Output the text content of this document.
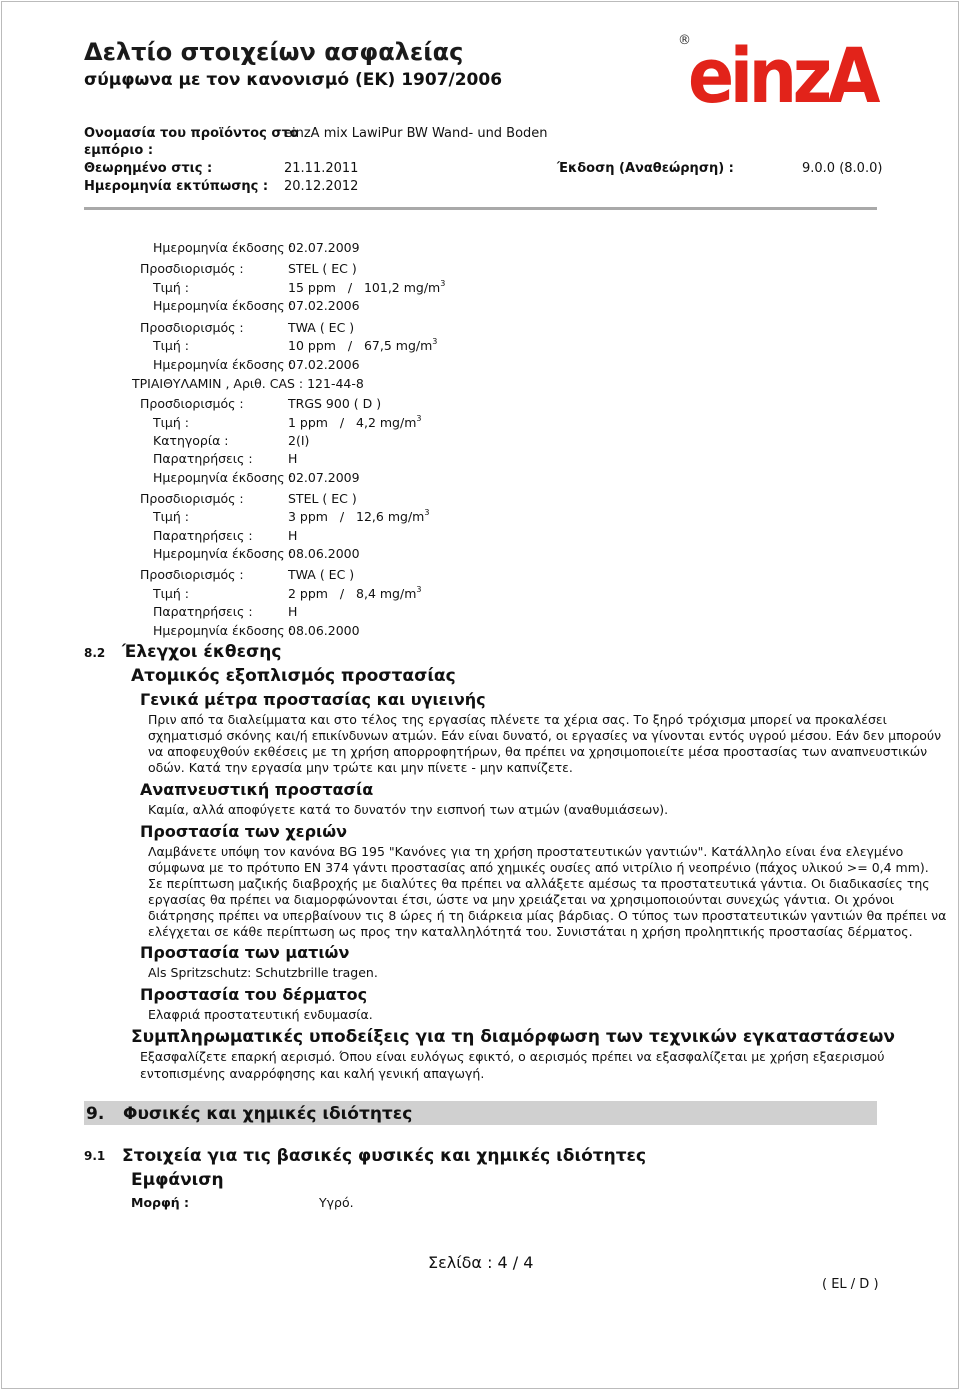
Δελτίο στοιχείων ασφαλείας
σύμφωνα με τον κανονισμό (ΕΚ) 1907/2006
®
einzA
Ονομασία του προϊόντος στο
εμπόριο :
einzA mix LawiPur BW Wand- und Boden
Θεωρημένο στις :	21.11.2011	Έκδοση (Αναθεώρηση) :	9.0.0 (8.0.0)
Ημερομηνία εκτύπωσης : 20.12.2012
Ημερομηνία έκδοσης :
02.07.2009
Προσδιορισμός :	STEL ( EC )
Τιμή :	15 ppm   /   101,2 $mg/m^3$
Ημερομηνία έκδοσης :
07.02.2006
Προσδιορισμός :	TWA ( EC )
Τιμή :	10 ppm   /   67,5 $mg/m^3$
Ημερομηνία έκδοσης :
07.02.2006
ΤΡΙΑΙΘΥΛΑΜΙΝ , Αριθ. CAS : 121-44-8
Προσδιορισμός :	TRGS 900 ( D )
Τιμή :	1 ppm   /   4,2 $mg/m^3$
Κατηγορία :	2(I)
Παρατηρήσεις :	H
Ημερομηνία έκδοσης :
02.07.2009
Προσδιορισμός :	STEL ( EC )
Τιμή :	3 ppm   /   12,6 $mg/m^3$
Παρατηρήσεις :	H
Ημερομηνία έκδοσης :
08.06.2000
Προσδιορισμός :	TWA ( EC )
Τιμή :	2 ppm   /   8,4 $mg/m^3$
Παρατηρήσεις :	H
Ημερομηνία έκδοσης :
08.06.2000
8.2 Έλεγχοι έκθεσης
Ατομικός εξοπλισμός προστασίας
Γενικά μέτρα προστασίας και υγιεινής
Πριν από τα διαλείμματα και στο τέλος της εργασίας πλένετε τα χέρια σας. Το ξηρό τρόχισμα μπορεί να προκαλέσει
σχηματισμό σκόνης και/ή επικίνδυνων ατμών. Εάν είναι δυνατό, οι εργασίες να γίνονται εντός υγρού μέσου. Εάν δεν μπορούν
να αποφευχθούν εκθέσεις με τη χρήση απορροφητήρων, θα πρέπει να χρησιμοποιείτε μέσα προστασίας των αναπνευστικών
οδών. Κατά την εργασία μην τρώτε και μην πίνετε - μην καπνίζετε.
Αναπνευστική προστασία
Καμία, αλλά αποφύγετε κατά το δυνατόν την εισπνοή των ατμών (αναθυμιάσεων).
Προστασία των χεριών
Λαμβάνετε υπόψη τον κανόνα BG 195 "Κανόνες για τη χρήση προστατευτικών γαντιών". Κατάλληλο είναι ένα ελεγμένο
σύμφωνα με το πρότυπο EN 374 γάντι προστασίας από χημικές ουσίες από νιτρίλιο ή νεοπρένιο (πάχος υλικού >= 0,4 mm).
Σε περίπτωση μαζικής διαβροχής με διαλύτες θα πρέπει να αλλάξετε αμέσως τα προστατευτικά γάντια. Οι διαδικασίες της
εργασίας θα πρέπει να διαμορφώνονται έτσι, ώστε να μην χρειάζεται να χρησιμοποιούνται συνεχώς γάντια. Οι χρόνοι
διάτρησης πρέπει να υπερβαίνουν τις 8 ώρες ή τη διάρκεια μίας βάρδιας. Ο τύπος των προστατευτικών γαντιών θα πρέπει να
ελέγχεται σε κάθε περίπτωση ως προς την καταλληλότητά του. Συνιστάται η χρήση προληπτικής προστασίας δέρματος.
Προστασία των ματιών
Als Spritzschutz: Schutzbrille tragen.
Προστασία του δέρματος
Ελαφριά προστατευτική ενδυμασία.
Συμπληρωματικές υποδείξεις για τη διαμόρφωση των τεχνικών εγκαταστάσεων
Εξασφαλίζετε επαρκή αερισμό. Όπου είναι ευλόγως εφικτό, ο αερισμός πρέπει να εξασφαλίζεται με χρήση εξαερισμού
εντοπισμένης αναρρόφησης και καλή γενική απαγωγή.
9. Φυσικές και χημικές ιδιότητες
9.1 Στοιχεία για τις βασικές φυσικές και χημικές ιδιότητες
Εμφάνιση
Μορφή :	Υγρό.
Σελίδα : 4 / 4
( EL / D )
